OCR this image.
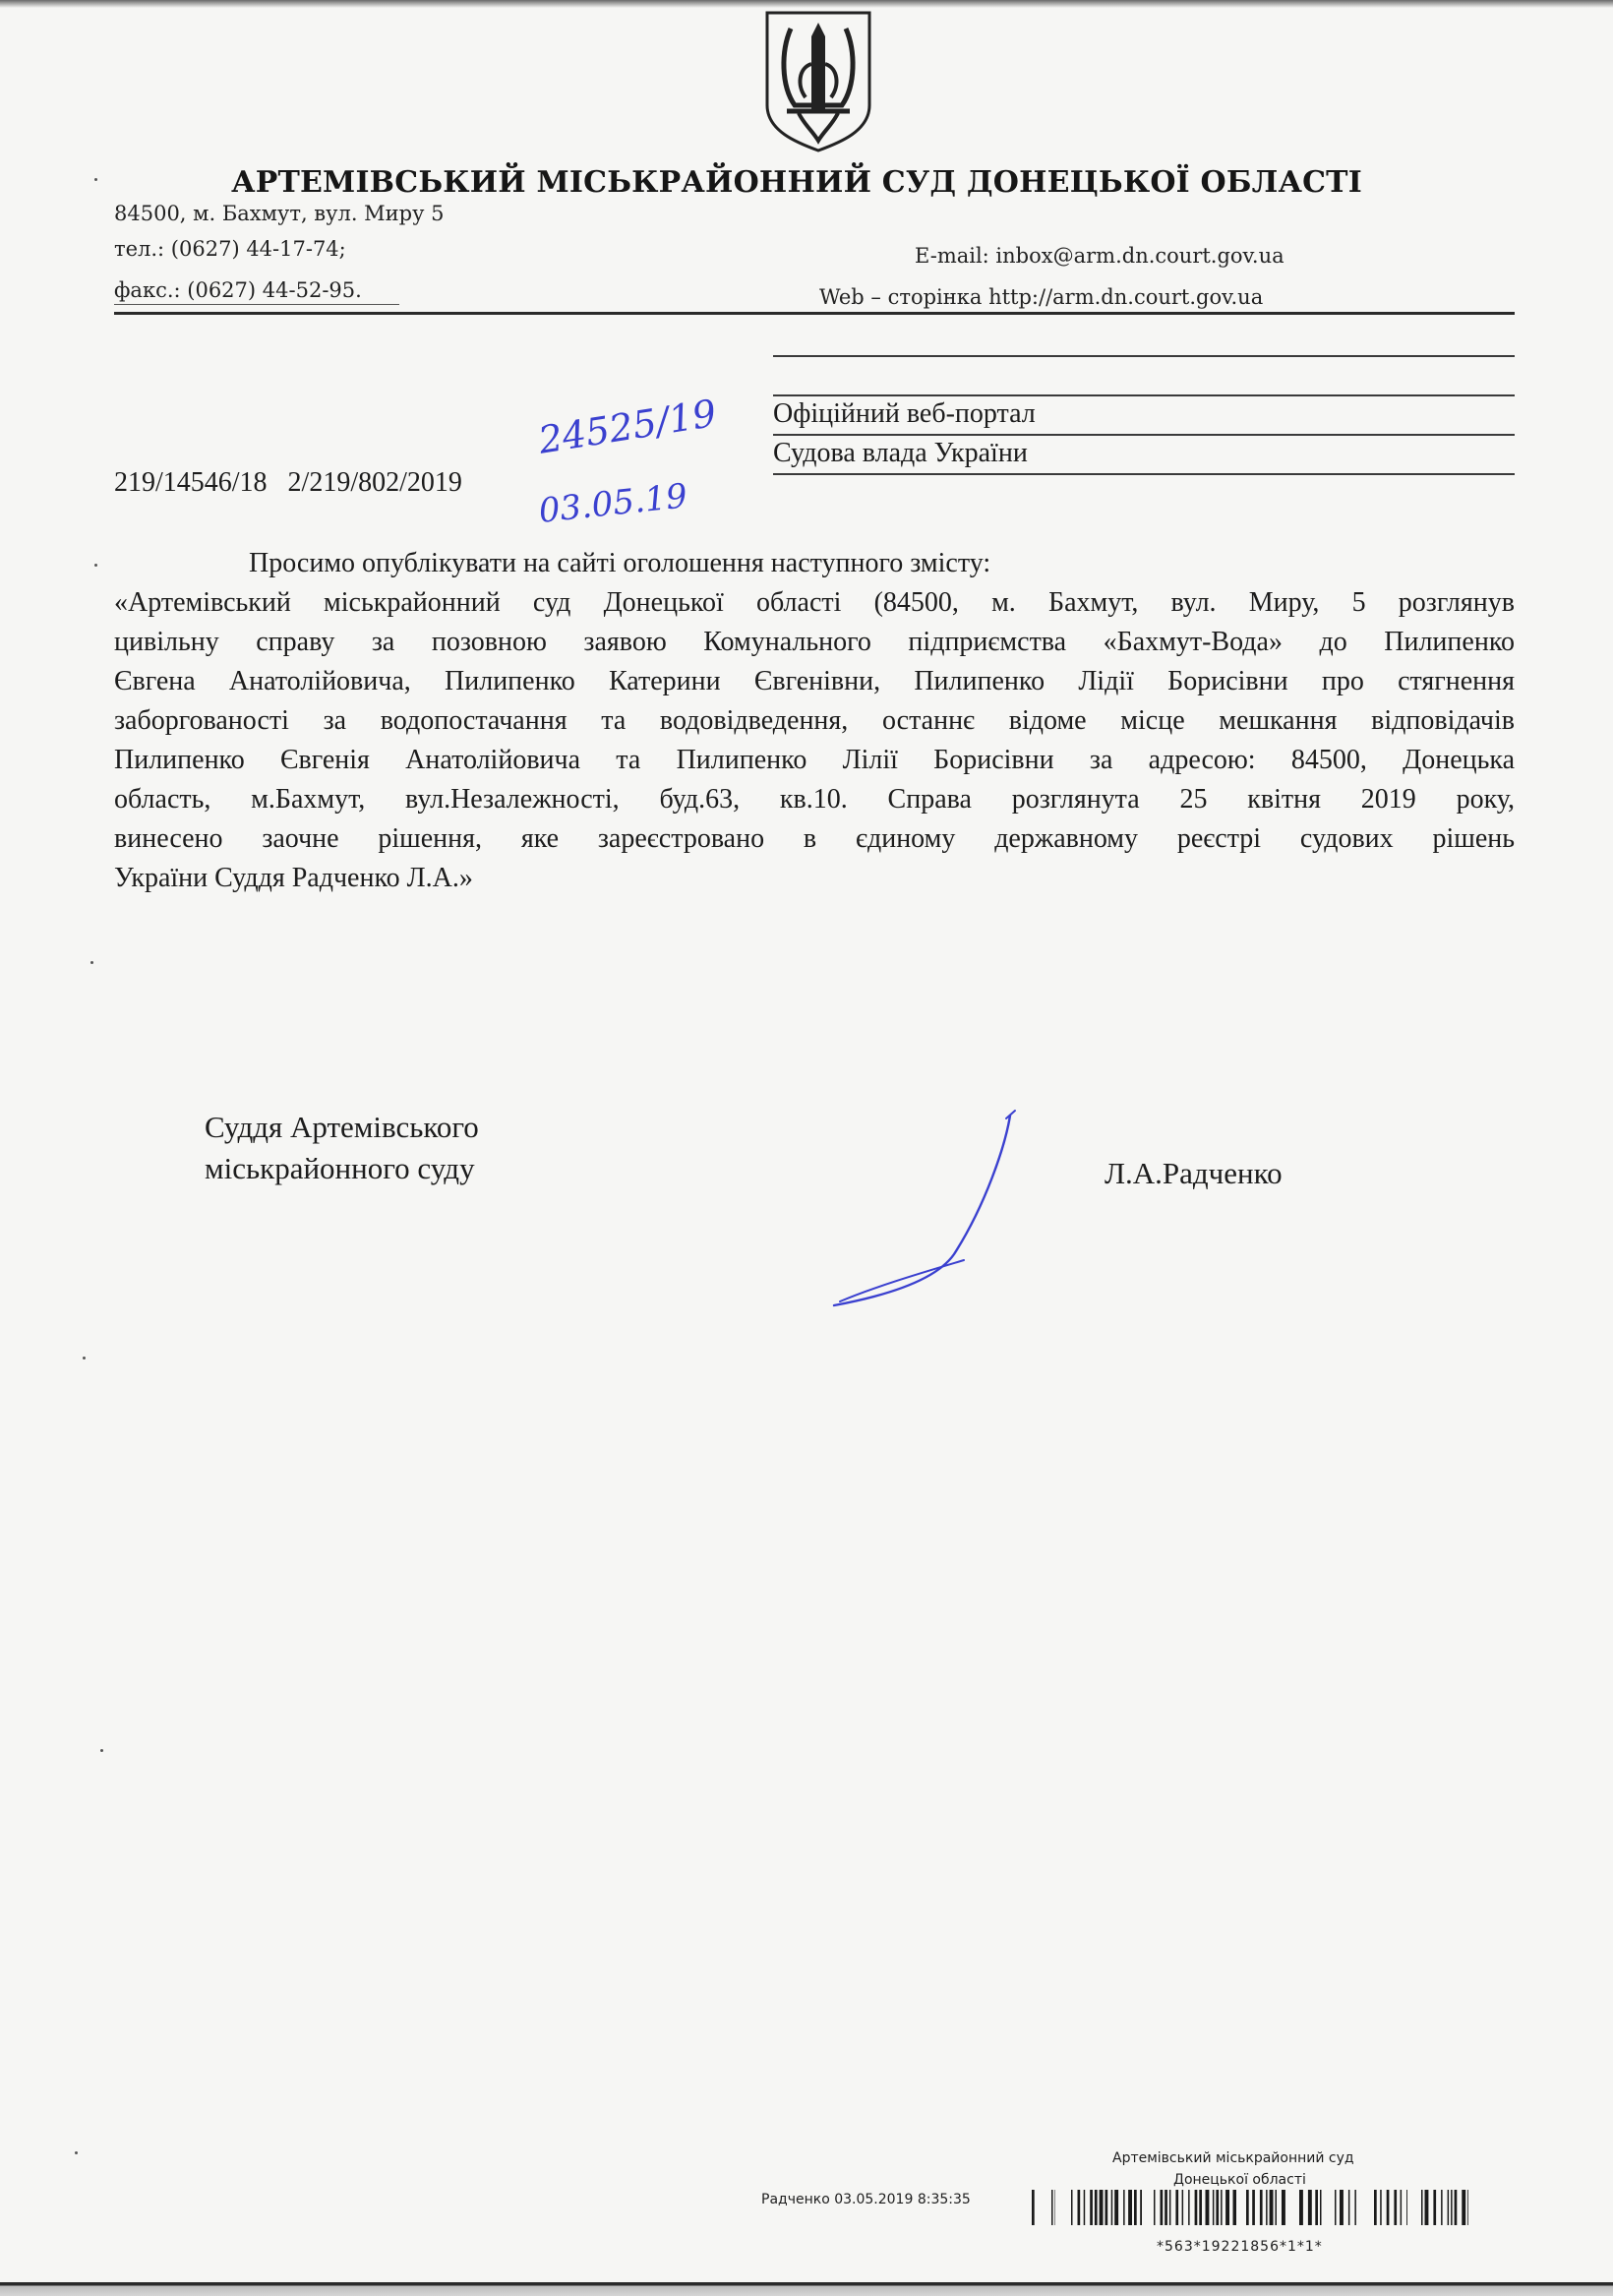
АРТЕМІВСЬКИЙ МІСЬКРАЙОННИЙ СУД ДОНЕЦЬКОЇ ОБЛАСТІ
84500, м. Бахмут, вул. Миру 5
тел.: (0627) 44-17-74;
факс.: (0627) 44-52-95.
E-mail: inbox@arm.dn.court.gov.ua
Web – сторінка http://arm.dn.court.gov.ua
Офіційний веб-портал
Судова влада України
219/14546/18   2/219/802/2019
24525/19
03.05.19
Просимо опублікувати на сайті оголошення наступного змісту:
«Артемівський міськрайонний суд Донецької області (84500, м. Бахмут, вул. Миру, 5 розглянув
цивільну справу за позовною заявою Комунального підприємства «Бахмут-Вода» до Пилипенко
Євгена Анатолійовича, Пилипенко Катерини Євгенівни, Пилипенко Лідії Борисівни про стягнення
заборгованості за водопостачання та водовідведення, останнє відоме місце мешкання відповідачів
Пилипенко Євгенія Анатолійовича та Пилипенко Лілії Борисівни за адресою: 84500, Донецька
область, м.Бахмут, вул.Незалежності, буд.63, кв.10. Справа розглянута 25 квітня 2019 року,
винесено заочне рішення, яке зареєстровано в єдиному державному реєстрі судових рішень
України Суддя Радченко Л.А.»
Суддя Артемівського
міськрайонного суду	Л.А.Радченко
Артемівський міськрайонний суд
Донецької області
Радченко 03.05.2019 8:35:35
*563*19221856*1*1*
